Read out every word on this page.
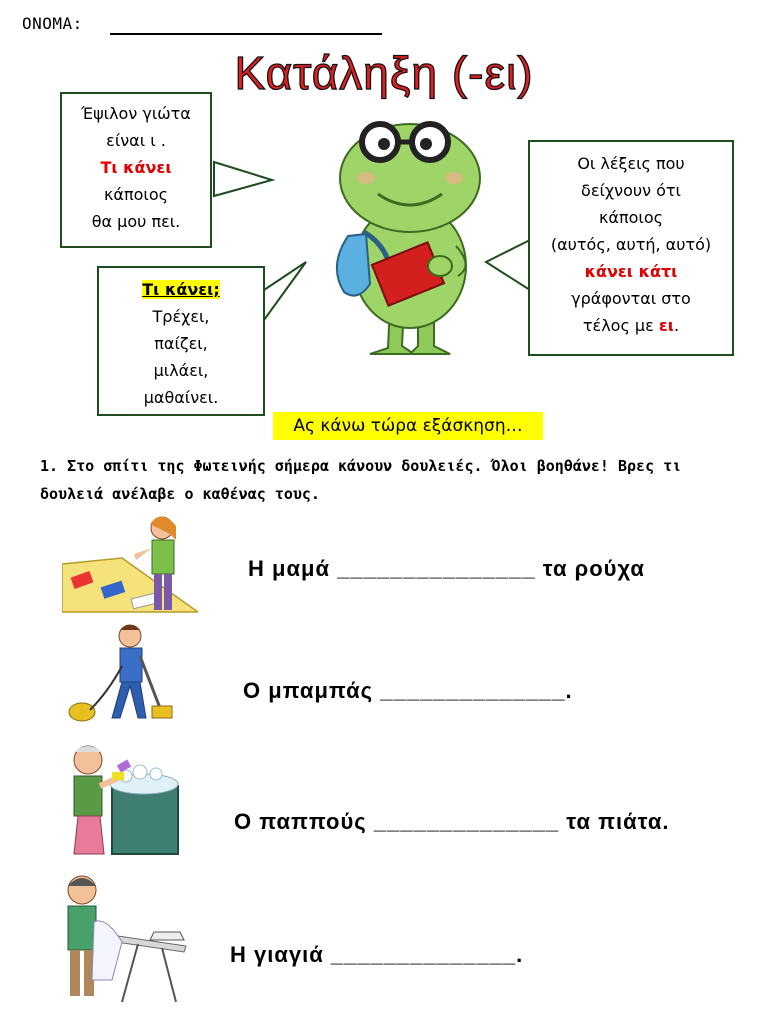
ΟΝΟΜΑ:
Κατάληξη (-ει)
Έψιλον γιώτα
είναι ι .
Τι κάνει
κάποιος
θα μου πει.
Τι κάνει;
Τρέχει,
παίζει,
μιλάει,
μαθαίνει.
Οι λέξεις που
δείχνουν ότι
κάποιος
(αυτός, αυτή, αυτό)
κάνει κάτι
γράφονται στο
τέλος με ει.
Ας κάνω τώρα εξάσκηση…
1. Στο σπίτι της Φωτεινής σήμερα κάνουν δουλειές. Όλοι βοηθάνε! Βρες τι δουλειά ανέλαβε ο καθένας τους.
Η μαμά _______________ τα ρούχα
Ο μπαμπάς ______________.
Ο παππούς ______________ τα πιάτα.
Η γιαγιά ______________.
